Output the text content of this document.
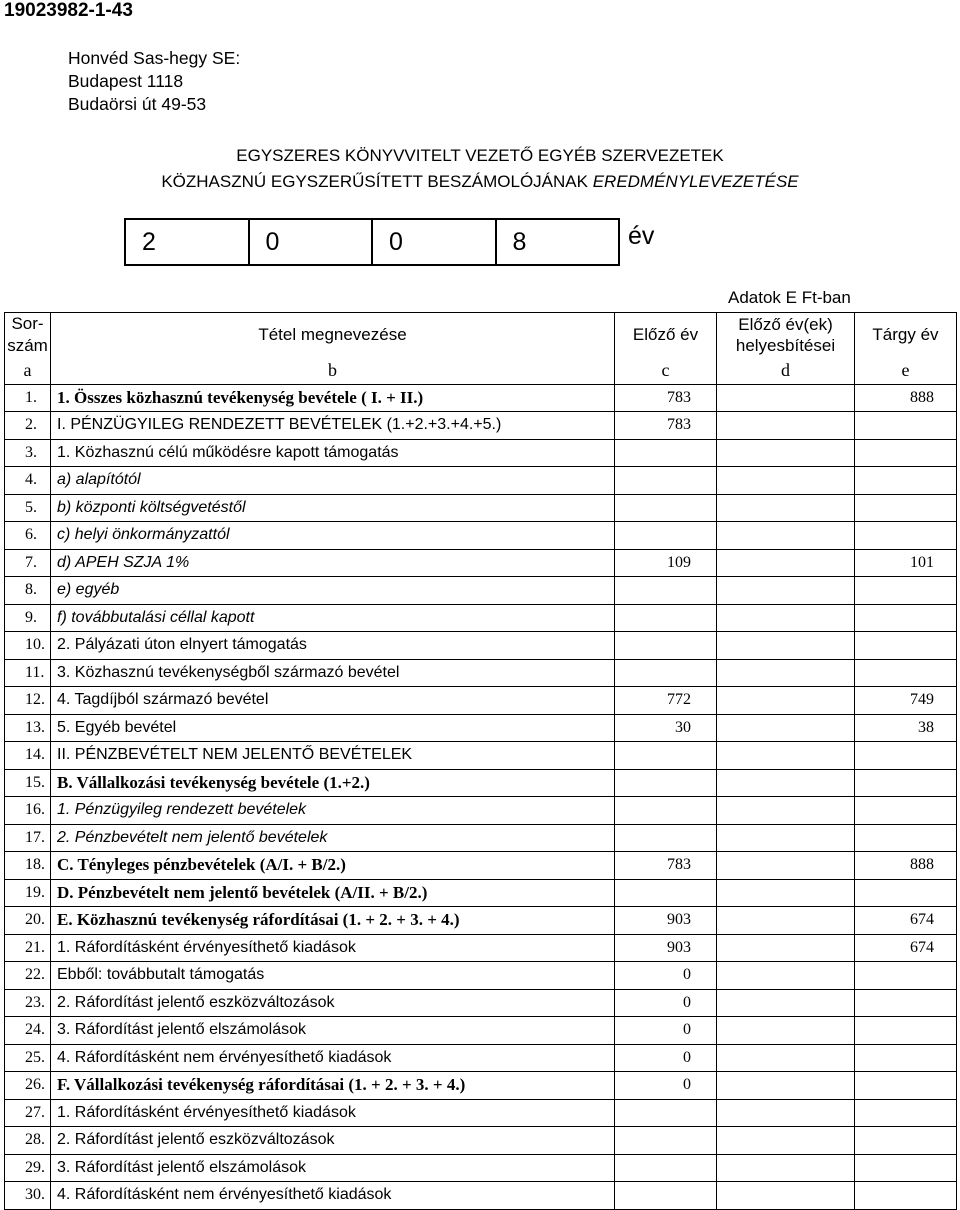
19023982-1-43
Honvéd Sas-hegy SE:
Budapest 1118
Budaörsi út 49-53
EGYSZERES KÖNYVVITELT VEZETŐ EGYÉB SZERVEZETEK
KÖZHASZNÚ EGYSZERŰSÍTETT BESZÁMOLÓJÁNAK EREDMÉNYLEVEZETÉSE
2	0	0	8	év
Adatok E Ft-ban
Sor-
szám	Tétel megnevezése	Előző év	Előző év(ek)
helyesbítései	Tárgy év
a	b	c	d	e
1.	1. Összes közhasznú tevékenység bevétele ( I. + II.)	783		888
2.	I. PÉNZÜGYILEG RENDEZETT BEVÉTELEK (1.+2.+3.+4.+5.)	783		
3.	1. Közhasznú célú működésre kapott támogatás			
4.	a) alapítótól			
5.	b) központi költségvetéstől			
6.	c) helyi önkormányzattól			
7.	d) APEH SZJA 1%	109		101
8.	e) egyéb			
9.	f) továbbutalási céllal kapott			
10.	2. Pályázati úton elnyert támogatás			
11.	3. Közhasznú tevékenységből származó bevétel			
12.	4. Tagdíjból származó bevétel	772		749
13.	5. Egyéb bevétel	30		38
14.	II. PÉNZBEVÉTELT NEM JELENTŐ BEVÉTELEK			
15.	B. Vállalkozási tevékenység bevétele (1.+2.)			
16.	1. Pénzügyileg rendezett bevételek			
17.	2. Pénzbevételt nem jelentő bevételek			
18.	C. Tényleges pénzbevételek (A/I. + B/2.)	783		888
19.	D. Pénzbevételt nem jelentő bevételek (A/II. + B/2.)			
20.	E. Közhasznú tevékenység ráfordításai (1. + 2. + 3. + 4.)	903		674
21.	1. Ráfordításként érvényesíthető kiadások	903		674
22.	Ebből: továbbutalt támogatás	0		
23.	2. Ráfordítást jelentő eszközváltozások	0		
24.	3. Ráfordítást jelentő elszámolások	0		
25.	4. Ráfordításként nem érvényesíthető kiadások	0		
26.	F. Vállalkozási tevékenység ráfordításai (1. + 2. + 3. + 4.)	0		
27.	1. Ráfordításként érvényesíthető kiadások			
28.	2. Ráfordítást jelentő eszközváltozások			
29.	3. Ráfordítást jelentő elszámolások			
30.	4. Ráfordításként nem érvényesíthető kiadások			
